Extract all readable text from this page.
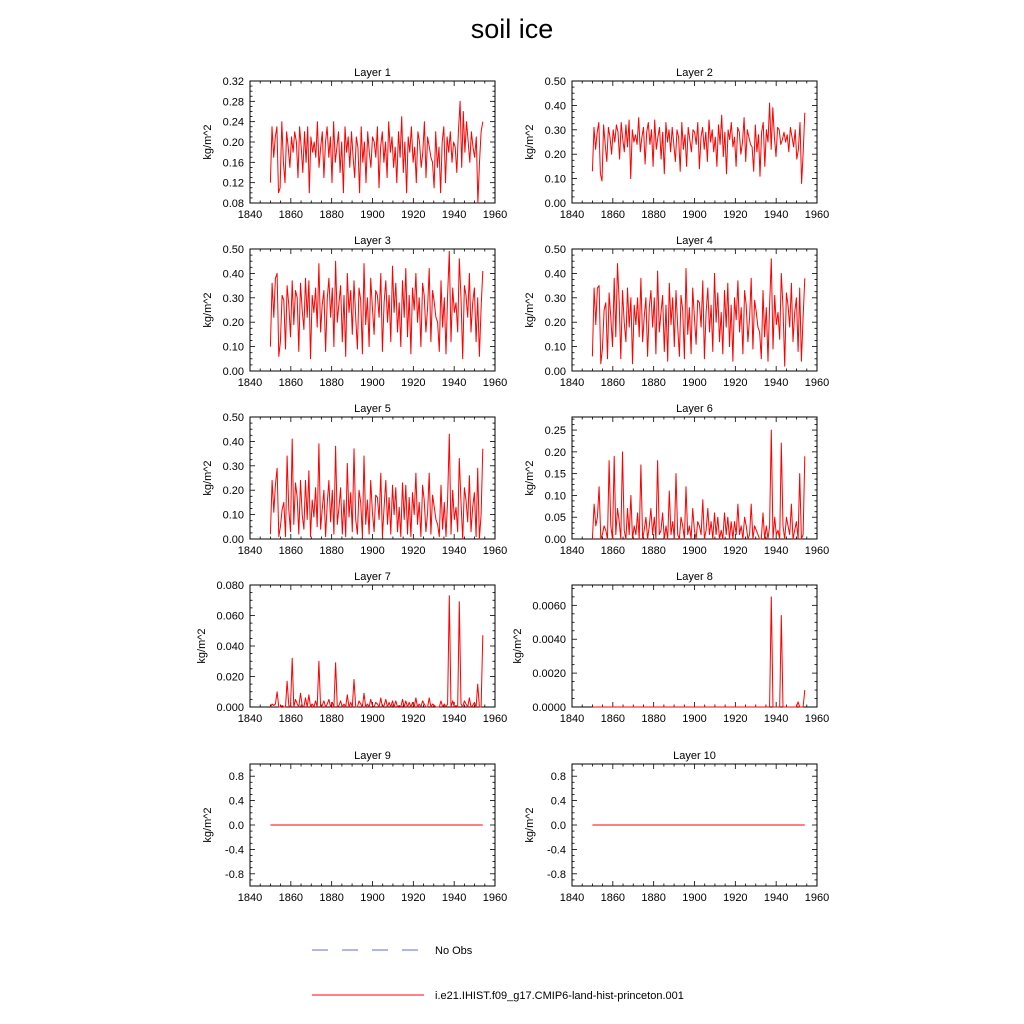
soil ice
Layer 1
1840 1860 1880 1900 1920 1940 1960
0.08
0.12
0.16
0.20
0.24
0.28
0.32
kg/m^2
Layer 2
1840 1860 1880 1900 1920 1940 1960
0.00
0.10
0.20
0.30
0.40
0.50
kg/m^2
Layer 3
1840 1860 1880 1900 1920 1940 1960
0.00
0.10
0.20
0.30
0.40
0.50
kg/m^2
Layer 4
1840 1860 1880 1900 1920 1940 1960
0.00
0.10
0.20
0.30
0.40
0.50
kg/m^2
Layer 5
1840 1860 1880 1900 1920 1940 1960
0.00
0.10
0.20
0.30
0.40
0.50
kg/m^2
Layer 6
1840 1860 1880 1900 1920 1940 1960
0.00
0.05
0.10
0.15
0.20
0.25
kg/m^2
Layer 7
1840 1860 1880 1900 1920 1940 1960
0.000
0.020
0.040
0.060
0.080
kg/m^2
Layer 8
1840 1860 1880 1900 1920 1940 1960
0.0000
0.0020
0.0040
0.0060
kg/m^2
Layer 9
1840 1860 1880 1900 1920 1940 1960
-0.8
-0.4
0.0
0.4
0.8
kg/m^2
Layer 10
1840 1860 1880 1900 1920 1940 1960
-0.8
-0.4
0.0
0.4
0.8
kg/m^2
No Obs
i.e21.IHIST.f09_g17.CMIP6-land-hist-princeton.001
